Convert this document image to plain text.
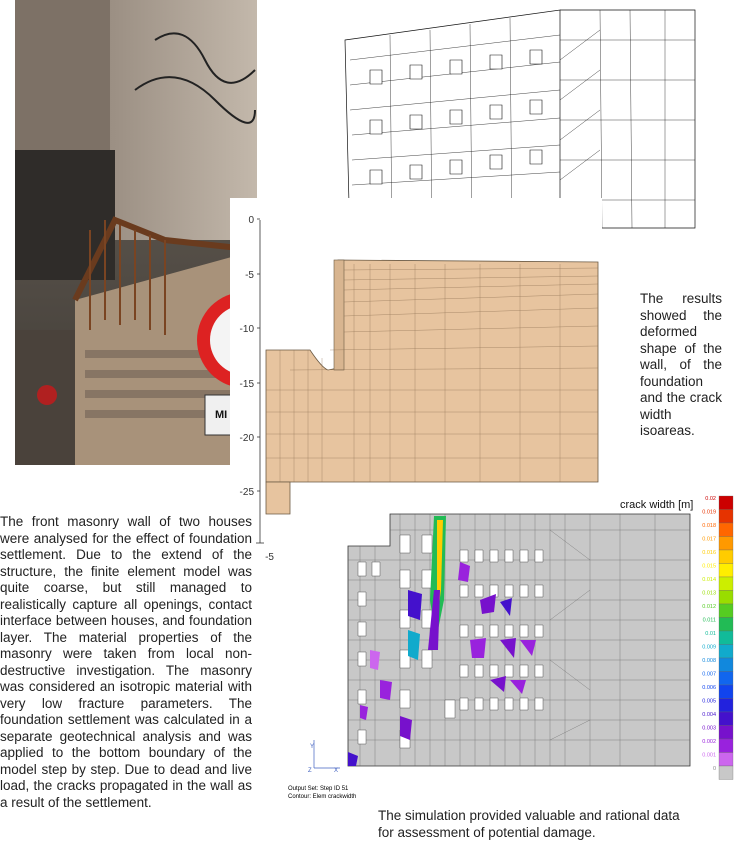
MI
0
-5
-10
-15
-20
-25
-5
crack width [m]
Y
Z	X
Output Set: Step ID 51
Contour: Elem crackwidth
0.02
0.019
0.018
0.017
0.016
0.015
0.014
0.013
0.012
0.011
0.01
0.009
0.008
0.007
0.006
0.005
0.004
0.003
0.002
0.001
0

The results showed the deformed shape of the wall, of the foundation and the crack width isoareas.

The front masonry wall of two houses were analysed for the effect of foundation settlement. Due to the extend of the structure, the finite element model was quite coarse, but still managed to realistically capture all openings, contact interface between houses, and foundation layer. The material properties of the masonry were taken from local non-destructive investigation. The masonry was considered an isotropic material with very low fracture parameters. The foundation settlement was calculated in a separate geotechnical analysis and was applied to the bottom boundary of the model step by step. Due to dead and live load, the cracks propagated in the wall as a result of the settlement.

The simulation provided valuable and rational data for assessment of potential damage.
